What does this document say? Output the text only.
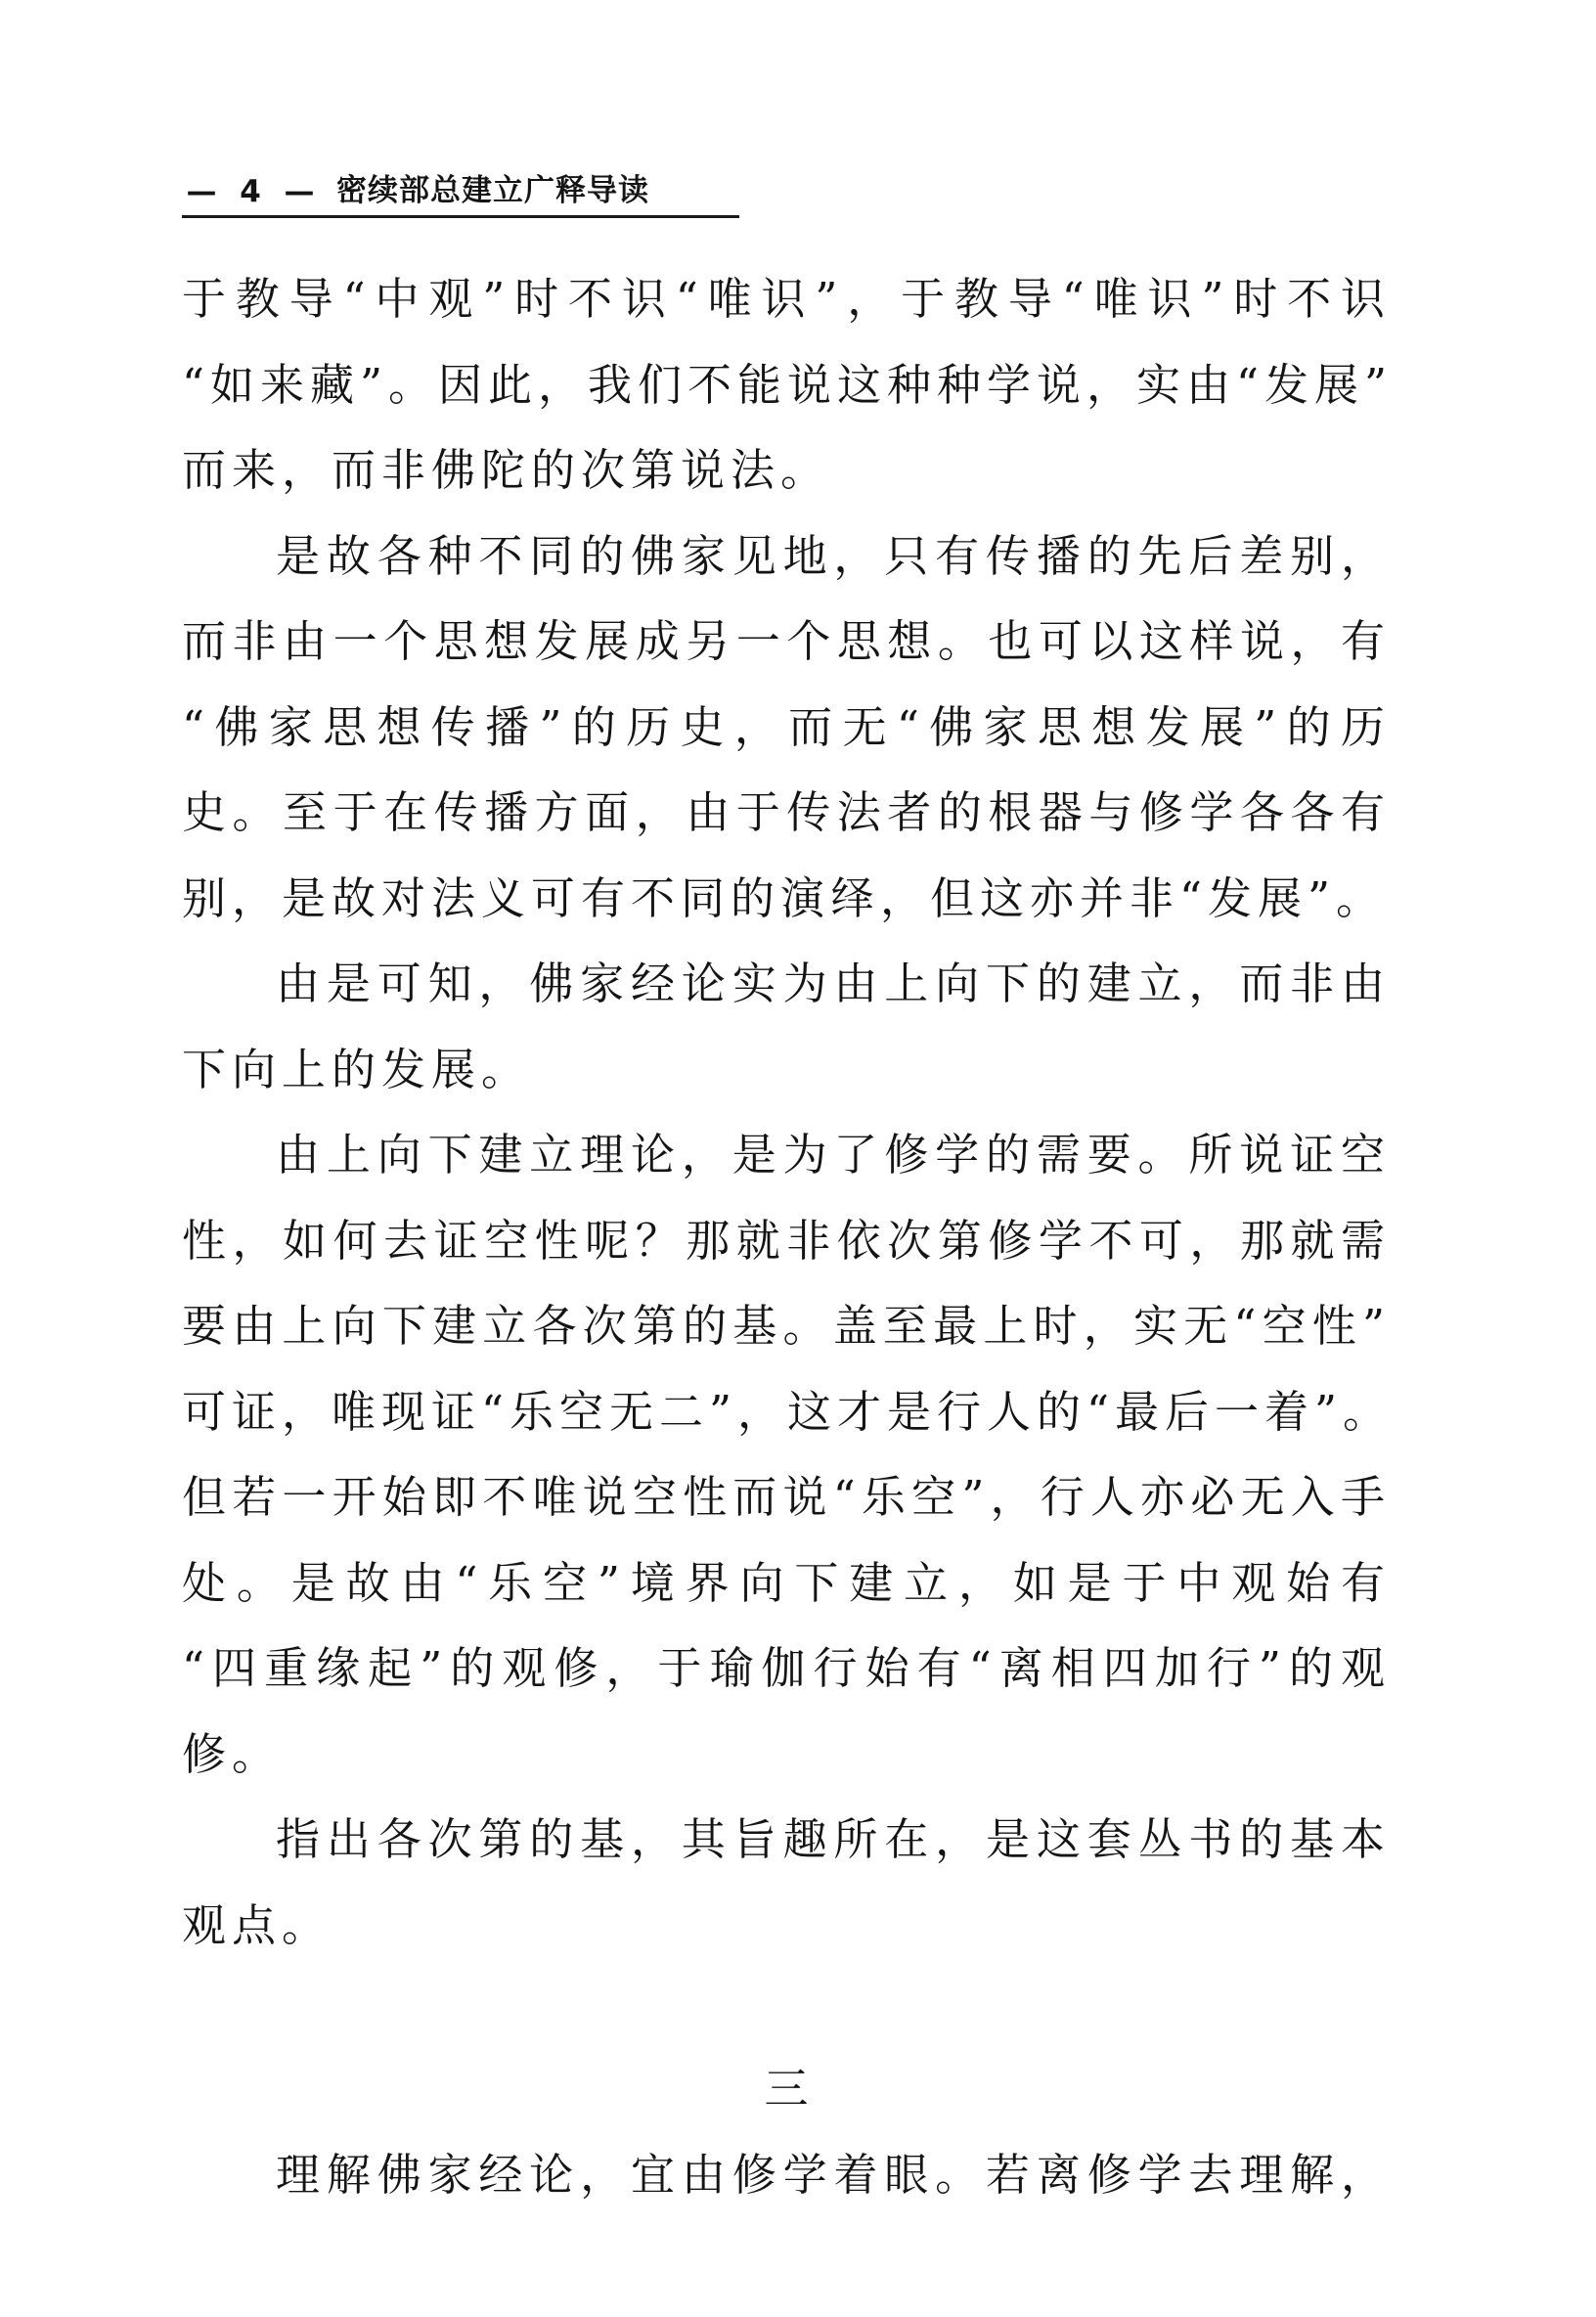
— 4 — 密续部总建立广释导读
于教导“中观”时不识“唯识”，于教导“唯识”时不识
“如来藏”。因此，我们不能说这种种学说，实由“发展”
而来，而非佛陀的次第说法。
是故各种不同的佛家见地，只有传播的先后差别，
而非由一个思想发展成另一个思想。也可以这样说，有
“佛家思想传播”的历史，而无“佛家思想发展”的历
史。至于在传播方面，由于传法者的根器与修学各各有
别，是故对法义可有不同的演绎，但这亦并非“发展”。
由是可知，佛家经论实为由上向下的建立，而非由
下向上的发展。
由上向下建立理论，是为了修学的需要。所说证空
性，如何去证空性呢？那就非依次第修学不可，那就需
要由上向下建立各次第的基。盖至最上时，实无“空性”
可证，唯现证“乐空无二”，这才是行人的“最后一着”。
但若一开始即不唯说空性而说“乐空”，行人亦必无入手
处。是故由“乐空”境界向下建立，如是于中观始有
“四重缘起”的观修，于瑜伽行始有“离相四加行”的观
修。
指出各次第的基，其旨趣所在，是这套丛书的基本
观点。
三
理解佛家经论，宜由修学着眼。若离修学去理解，
